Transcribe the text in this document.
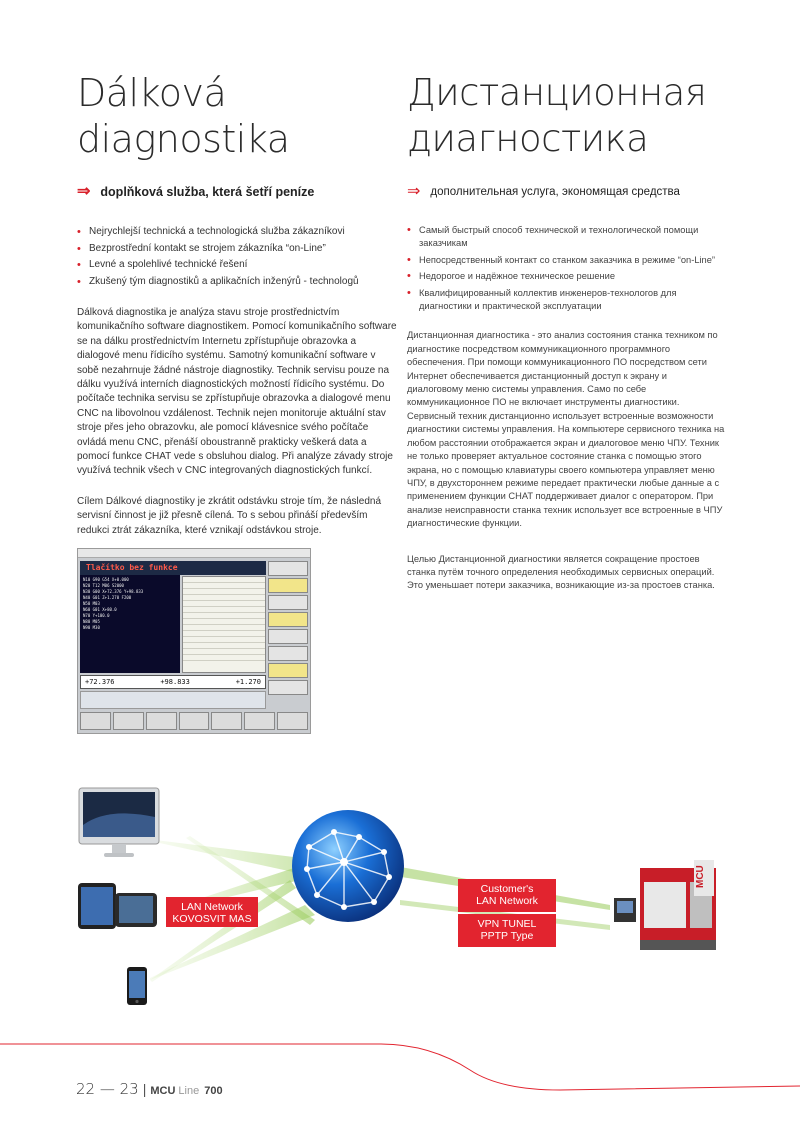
Dálková
diagnostika
⇒ doplňková služba, která šetří peníze
• Nejrychlejší technická a technologická služba zákazníkovi
• Bezprostřední kontakt se strojem zákazníka “on-Line”
• Levné a spolehlivé technické řešení
• Zkušený tým diagnostiků a aplikačních inženýrů - technologů

Dálková diagnostika je analýza stavu stroje prostřednictvím komunikačního software diagnostikem. Pomocí komunikačního software se na dálku prostřednictvím Internetu zpřístupňuje obrazovka a dialogové menu řídicího systému. Samotný komunikační software v sobě nezahrnuje žádné nástroje diagnostiky. Technik servisu pouze na dálku využívá interních diagnostických možností řídicího systému. Do počítače technika servisu se zpřístupňuje obrazovka a dialogové menu CNC na libovolnou vzdálenost. Technik nejen monitoruje aktuální stav stroje přes jeho obrazovku, ale pomocí klávesnice svého počítače ovládá menu CNC, přenáší oboustranně prakticky veškerá data a pomocí funkce CHAT vede s obsluhou dialog. Při analýze závady stroje využívá technik všech v CNC integrovaných diagnostických funkcí.

Cílem Dálkové diagnostiky je zkrátit odstávku stroje tím, že následná servisní činnost je již přesně cílená. To s sebou přináší především redukci ztrát zákazníka, které vznikají odstávkou stroje.

Дистанционная
диагностика
⇒ дополнительная услуга, экономящая средства
• Самый быстрый способ технической и технологической помощи заказчикам
• Непосредственный контакт со станком заказчика в режиме “on-Line”
• Недорогое и надёжное техническое решение
• Квалифицированный коллектив инженеров-технологов для диагностики и практической эксплуатации

Дистанционная диагностика - это анализ состояния станка техником по диагностике посредством коммуникационного программного обеспечения. При помощи коммуникационного ПО посредством сети Интернет обеспечивается дистанционный доступ к экрану и диалоговому меню системы управления. Само по себе коммуникационное ПО не включает инструменты диагностики. Сервисный техник дистанционно использует встроенные возможности диагностики системы управления. На компьютере сервисного техника на любом расстоянии отображается экран и диалоговое меню ЧПУ. Техник не только проверяет актуальное состояние станка с помощью этого экрана, но с помощью клавиатуры своего компьютера управляет меню ЧПУ, в двухстороннем режиме передает практически любые данные а с применением функции CHAT поддерживает диалог с оператором. При анализе неисправности станка техник использует все встроенные в ЧПУ диагностические функции.

Целью Дистанционной диагностики является сокращение простоев станка путём точного определения необходимых сервисных операций. Это уменьшает потери заказчика, возникающие из-за простоев станка.

N10 G90 G54 X+0.000
N20 T12 M06 S2000
N30 G00 X+72.376 Y+98.833
N40 G01 Z+1.270 F200
N50 M03
N60 G01 X+80.0
N70 Y+100.0
N80 M05
N90 M30
Tlačítko bez funkce
+72.376	+98.833	+1.270
LAN Network
KOVOSVIT MAS
Customer's
LAN Network
VPN TUNEL
PPTP Type
MCU
22 — 23 | MCU Line 700
